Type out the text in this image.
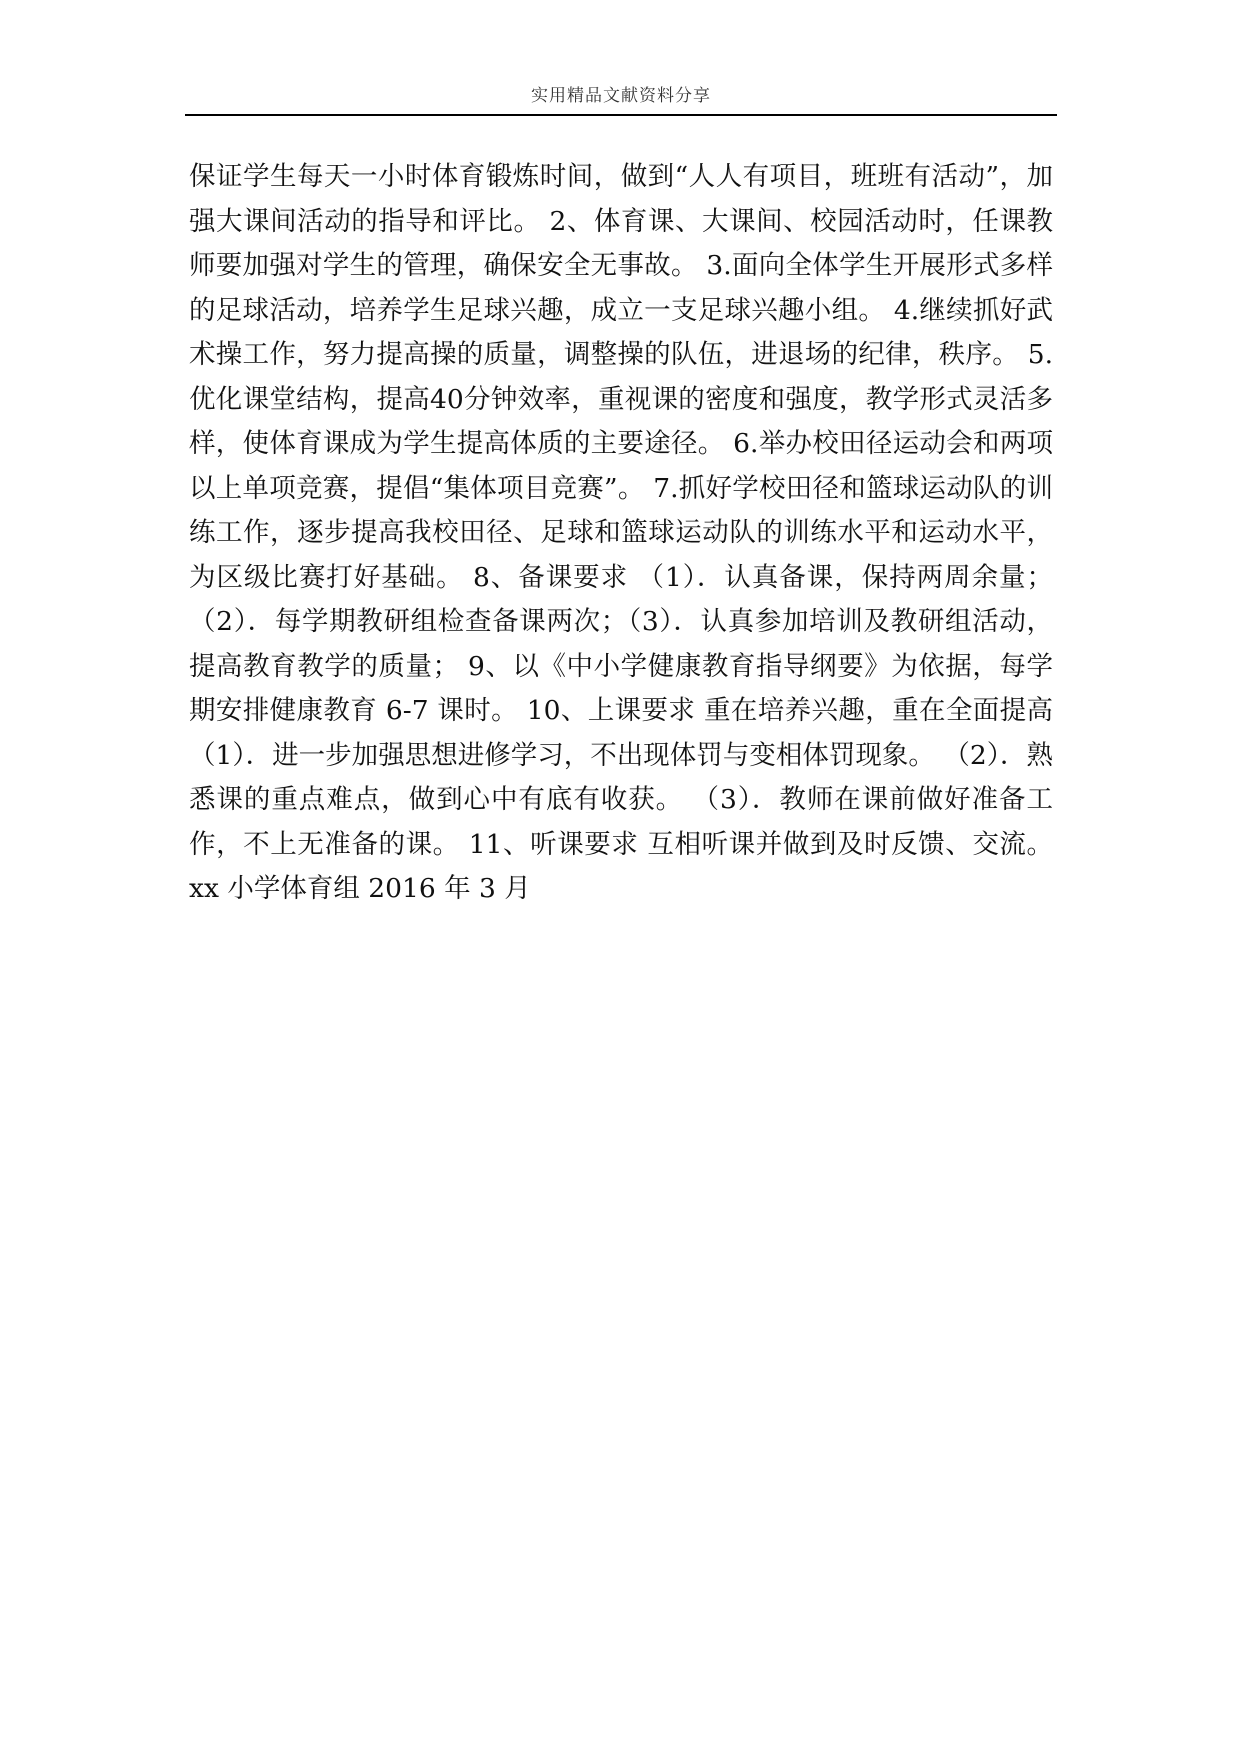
实用精品文献资料分享

保证学生每天一小时体育锻炼时间，做到“人人有项目，班班有活动”，加强大课间活动的指导和评比。 2、体育课、大课间、校园活动时，任课教师要加强对学生的管理，确保安全无事故。 3.面向全体学生开展形式多样的足球活动，培养学生足球兴趣，成立一支足球兴趣小组。 4.继续抓好武术操工作，努力提高操的质量，调整操的队伍，进退场的纪律，秩序。 5.优化课堂结构，提高40分钟效率，重视课的密度和强度，教学形式灵活多样，使体育课成为学生提高体质的主要途径。 6.举办校田径运动会和两项以上单项竞赛，提倡“集体项目竞赛”。 7.抓好学校田径和篮球运动队的训练工作，逐步提高我校田径、足球和篮球运动队的训练水平和运动水平，为区级比赛打好基础。 8、备课要求 （1）．认真备课，保持两周余量；（2）．每学期教研组检查备课两次；（3）．认真参加培训及教研组活动，提高教育教学的质量； 9、以《中小学健康教育指导纲要》为依据，每学期安排健康教育 6-7 课时。 10、上课要求 重在培养兴趣，重在全面提高 （1）．进一步加强思想进修学习，不出现体罚与变相体罚现象。 （2）．熟悉课的重点难点，做到心中有底有收获。 （3）．教师在课前做好准备工作，不上无准备的课。 11、听课要求 互相听课并做到及时反馈、交流。 xx 小学体育组 2016 年 3 月
